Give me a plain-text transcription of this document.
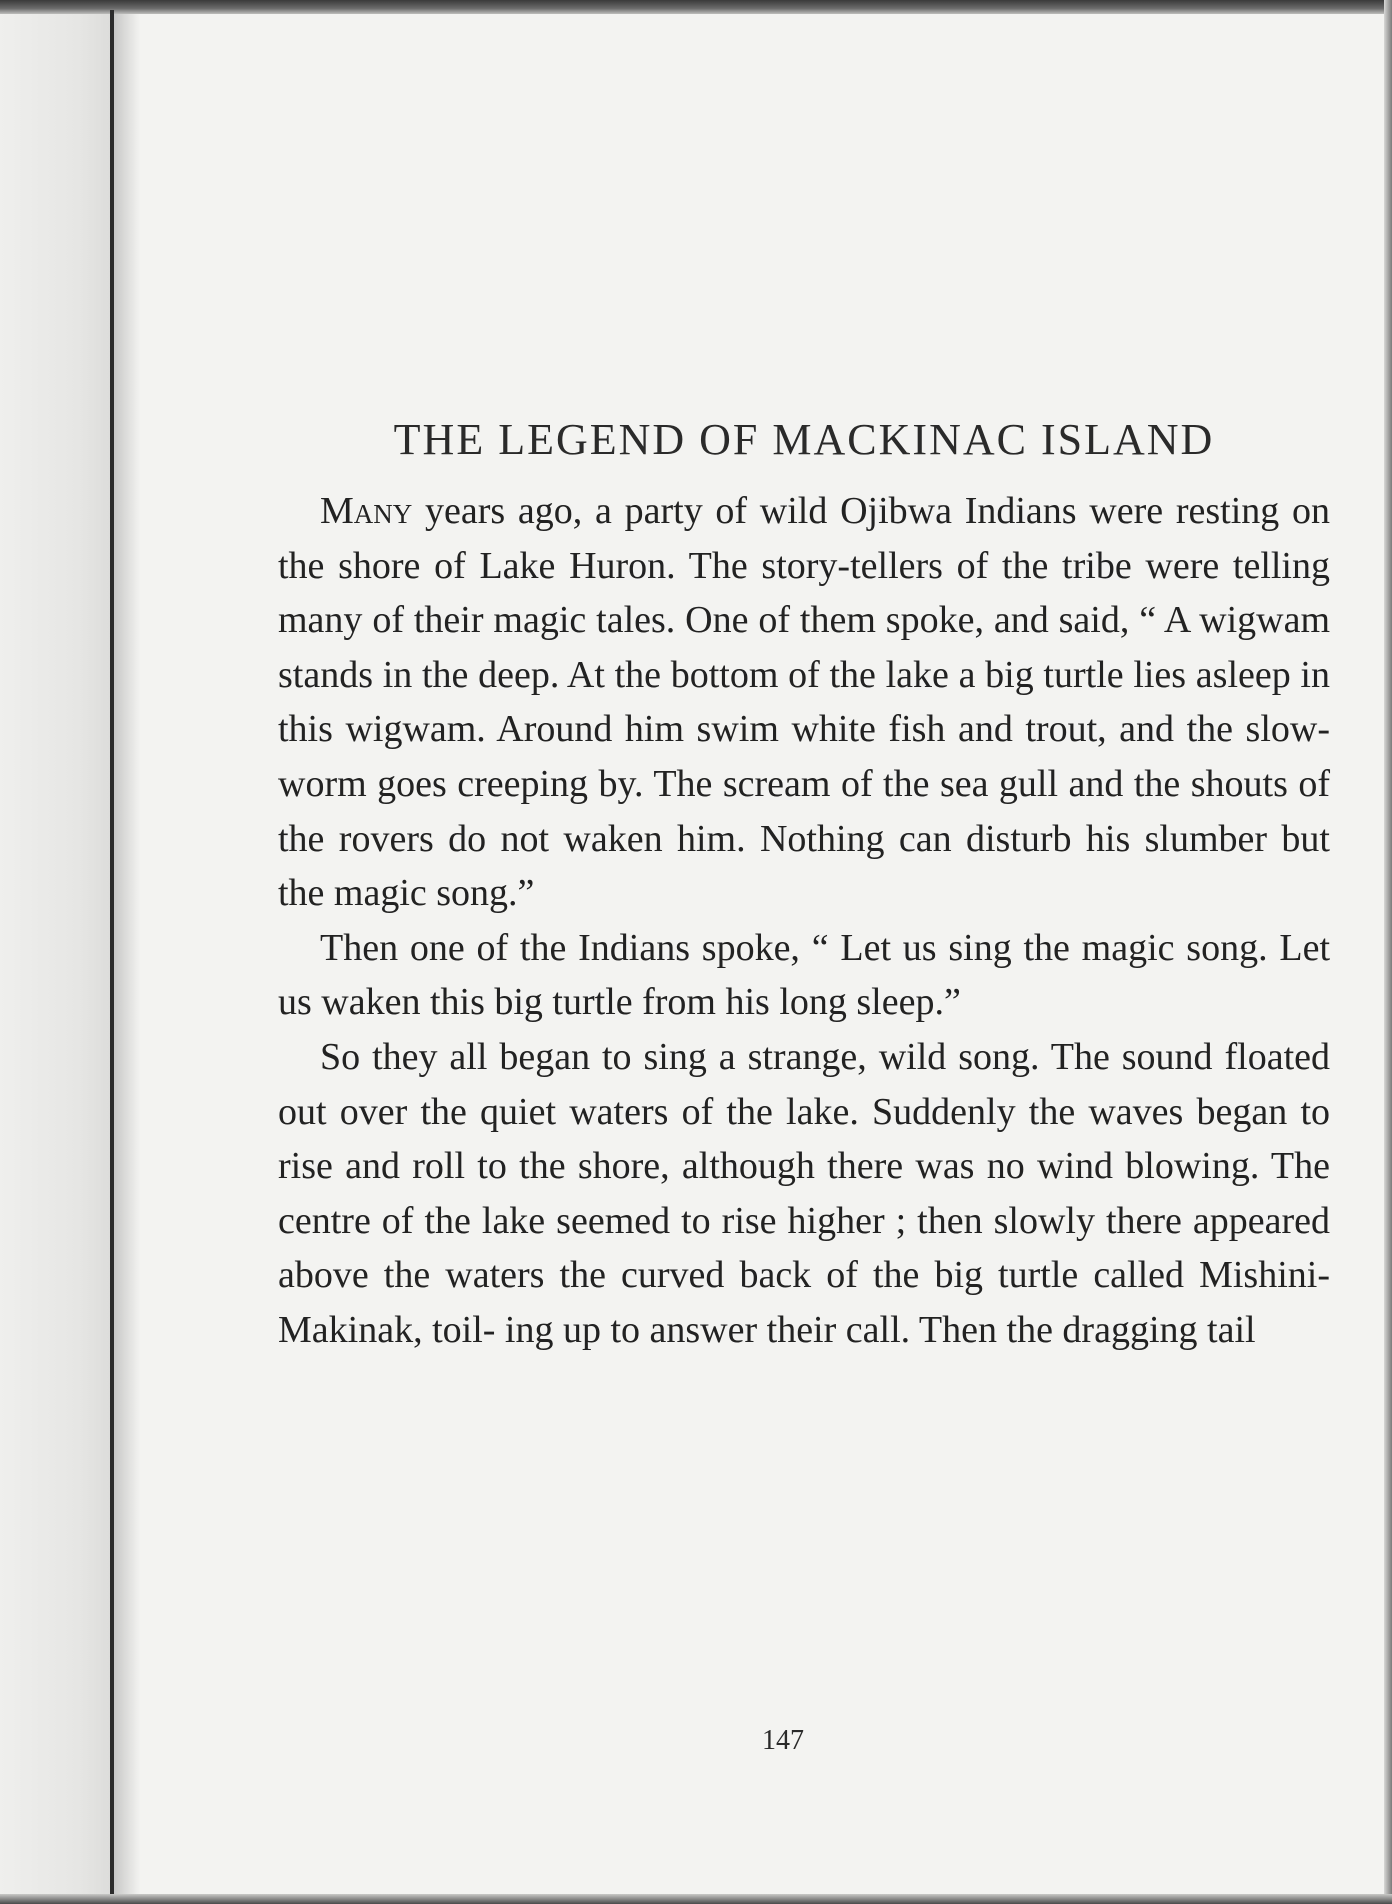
THE LEGEND OF MACKINAC ISLAND

Many years ago, a party of wild Ojibwa Indians were resting on the shore of Lake Huron. The story-tellers of the tribe were telling many of their magic tales. One of them spoke, and said, “ A wigwam stands in the deep. At the bottom of the lake a big turtle lies asleep in this wigwam. Around him swim white fish and trout, and the slow-worm goes creeping by. The scream of the sea gull and the shouts of the rovers do not waken him. Nothing can disturb his slumber but the magic song.”

Then one of the Indians spoke, “ Let us sing the magic song. Let us waken this big turtle from his long sleep.”

So they all began to sing a strange, wild song. The sound floated out over the quiet waters of the lake. Suddenly the waves began to rise and roll to the shore, although there was no wind blowing. The centre of the lake seemed to rise higher ; then slowly there appeared above the waters the curved back of the big turtle called Mishini-Makinak, toil- ing up to answer their call. Then the dragging tail

147
